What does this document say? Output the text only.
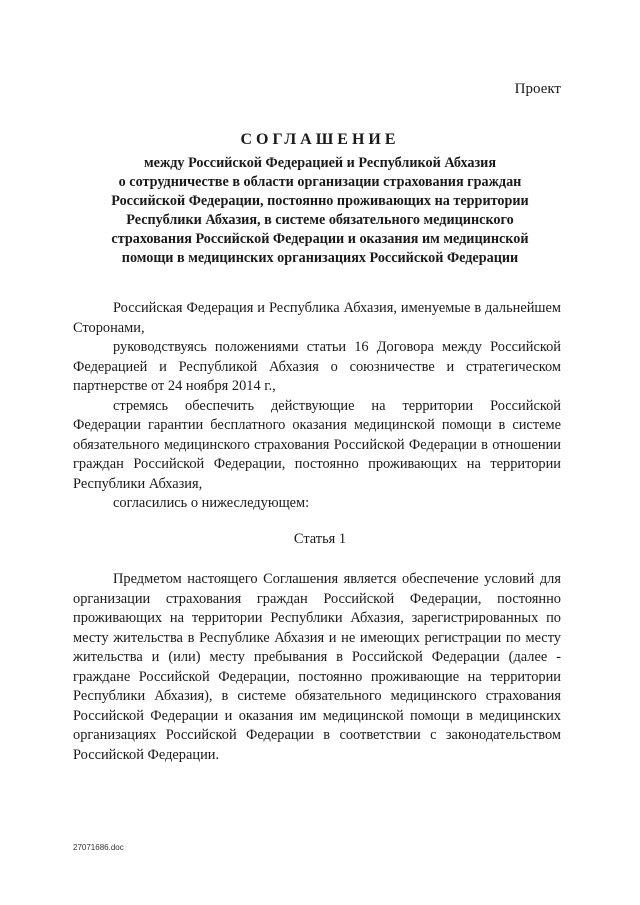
Проект
СОГЛАШЕНИЕ
между Российской Федерацией и Республикой Абхазия
о сотрудничестве в области организации страхования граждан
Российской Федерации, постоянно проживающих на территории
Республики Абхазия, в системе обязательного медицинского
страхования Российской Федерации и оказания им медицинской
помощи в медицинских организациях Российской Федерации

Российская Федерация и Республика Абхазия, именуемые в дальнейшем Сторонами,

руководствуясь положениями статьи 16 Договора между Российской Федерацией и Республикой Абхазия о союзничестве и стратегическом партнерстве от 24 ноября 2014 г.,

стремясь обеспечить действующие на территории Российской Федерации гарантии бесплатного оказания медицинской помощи в системе обязательного медицинского страхования Российской Федерации в отношении граждан Российской Федерации, постоянно проживающих на территории Республики Абхазия,

согласились о нижеследующем:

Статья 1

Предметом настоящего Соглашения является обеспечение условий для организации страхования граждан Российской Федерации, постоянно проживающих на территории Республики Абхазия, зарегистрированных по месту жительства в Республике Абхазия и не имеющих регистрации по месту жительства и (или) месту пребывания в Российской Федерации (далее - граждане Российской Федерации, постоянно проживающие на территории Республики Абхазия), в системе обязательного медицинского страхования Российской Федерации и оказания им медицинской помощи в медицинских организациях Российской Федерации в соответствии с законодательством Российской Федерации.

27071686.doc
